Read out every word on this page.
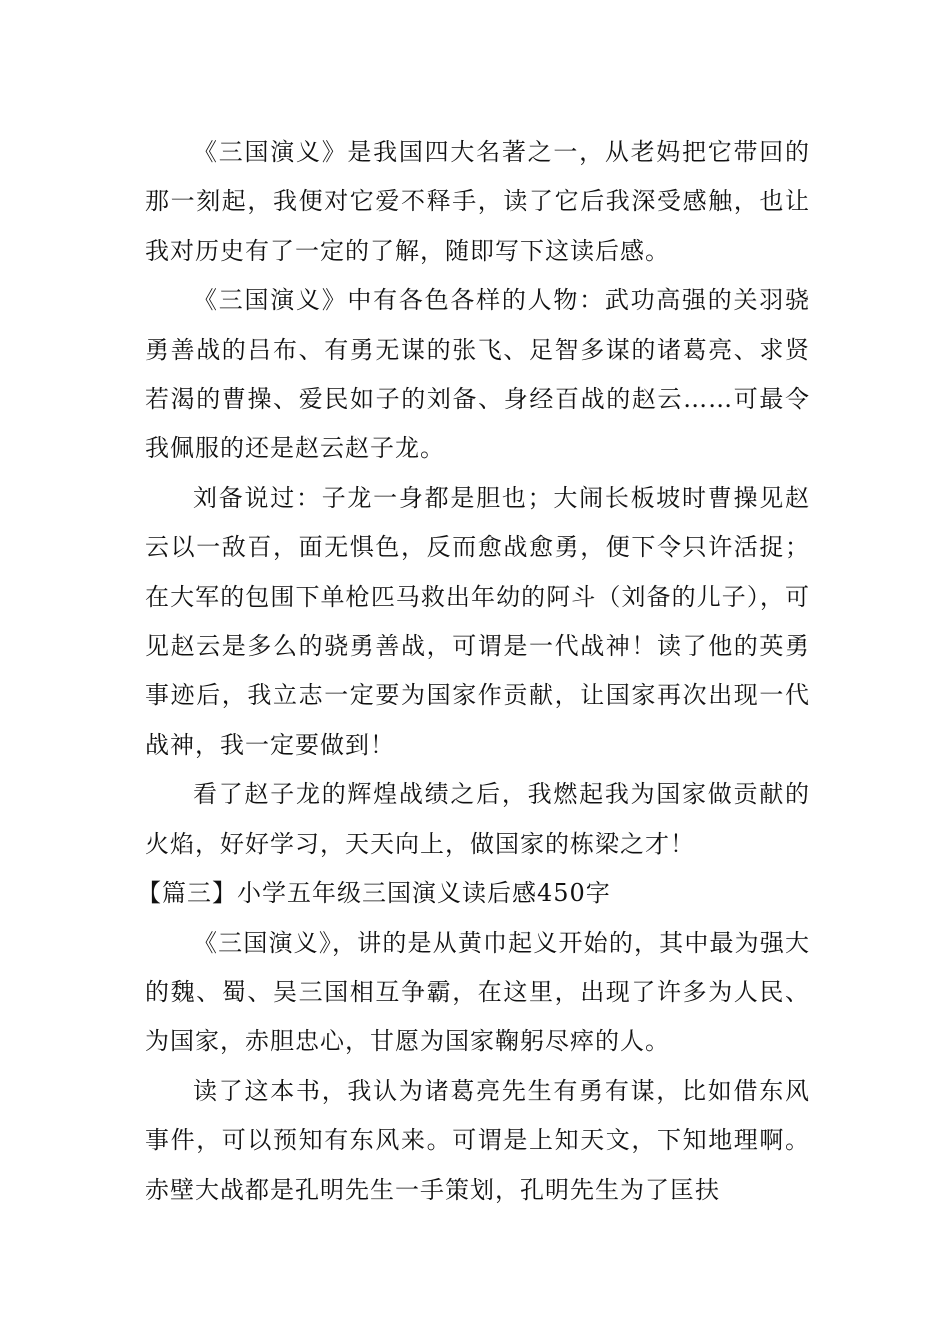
《三国演义》是我国四大名著之一，从老妈把它带回的那一刻起，我便对它爱不释手，读了它后我深受感触，也让我对历史有了一定的了解，随即写下这读后感。

《三国演义》中有各色各样的人物：武功高强的关羽骁勇善战的吕布、有勇无谋的张飞、足智多谋的诸葛亮、求贤若渴的曹操、爱民如子的刘备、身经百战的赵云……可最令我佩服的还是赵云赵子龙。

刘备说过：子龙一身都是胆也；大闹长板坡时曹操见赵云以一敌百，面无惧色，反而愈战愈勇，便下令只许活捉；在大军的包围下单枪匹马救出年幼的阿斗（刘备的儿子），可见赵云是多么的骁勇善战，可谓是一代战神！读了他的英勇事迹后，我立志一定要为国家作贡献，让国家再次出现一代战神，我一定要做到！

看了赵子龙的辉煌战绩之后，我燃起我为国家做贡献的火焰，好好学习，天天向上，做国家的栋梁之才！

【篇三】小学五年级三国演义读后感450字

《三国演义》，讲的是从黄巾起义开始的，其中最为强大的魏、蜀、吴三国相互争霸，在这里，出现了许多为人民、为国家，赤胆忠心，甘愿为国家鞠躬尽瘁的人。

读了这本书，我认为诸葛亮先生有勇有谋，比如借东风事件，可以预知有东风来。可谓是上知天文，下知地理啊。赤壁大战都是孔明先生一手策划，孔明先生为了匡扶
